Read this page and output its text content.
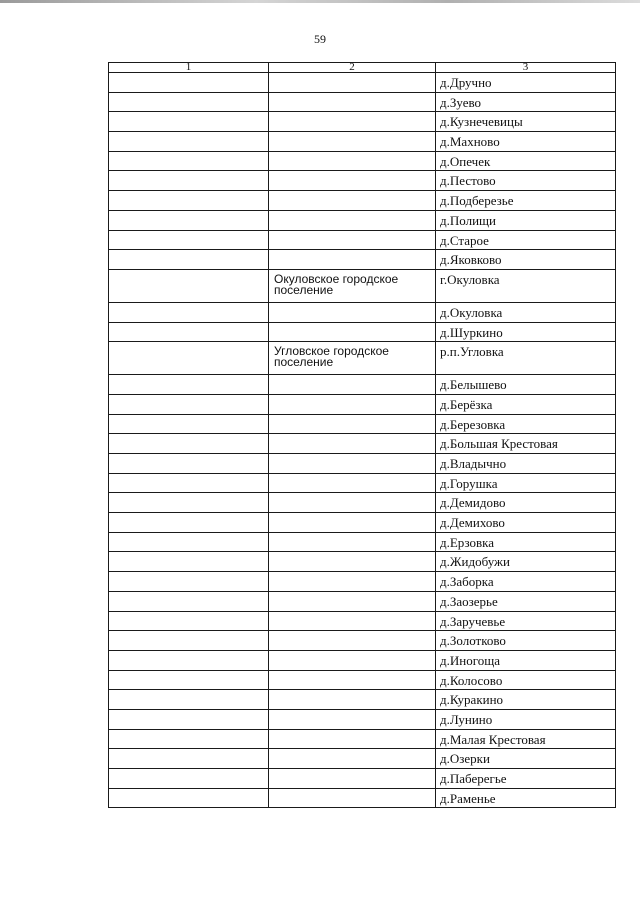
59
1	2	3
		д.Дручно
		д.Зуево
		д.Кузнечевицы
		д.Махново
		д.Опечек
		д.Пестово
		д.Подберезье
		д.Полищи
		д.Старое
		д.Яковково
	Окуловское городское поселение	г.Окуловка
		д.Окуловка
		д.Шуркино
	Угловское городское поселение	р.п.Угловка
		д.Белышево
		д.Берёзка
		д.Березовка
		д.Большая Крестовая
		д.Владычно
		д.Горушка
		д.Демидово
		д.Демихово
		д.Ерзовка
		д.Жидобужи
		д.Заборка
		д.Заозерье
		д.Заручевье
		д.Золотково
		д.Иногоща
		д.Колосово
		д.Куракино
		д.Лунино
		д.Малая Крестовая
		д.Озерки
		д.Паберегье
		д.Раменье
